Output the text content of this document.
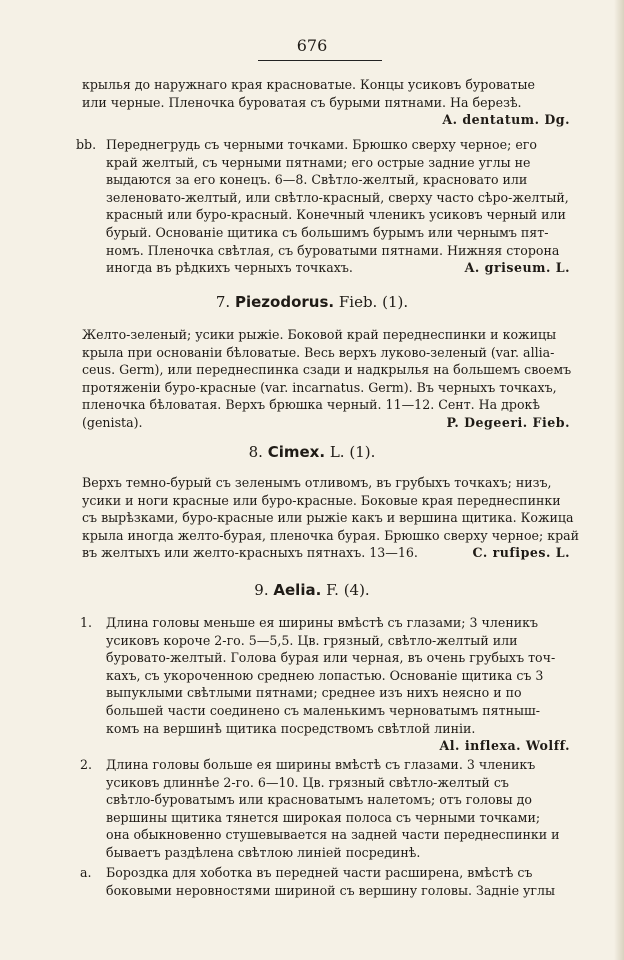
676
крылья до наружнаго края красноватые. Концы усиковъ буроватые
или черные. Пленочка буроватая съ бурыми пятнами. На березѣ.
A. dentatum. Dg.
bb. Переднегрудь съ черными точками. Брюшко сверху черное; его
край желтый, съ черными пятнами; его острые задние углы не
выдаются за его конецъ. 6—8. Свѣтло-желтый, красновато или
зеленовато-желтый, или свѣтло-красный, сверху часто сѣро-желтый,
красный или буро-красный. Конечный членикъ усиковъ черный или
бурый. Основаніе щитика съ большимъ бурымъ или чернымъ пят-
номъ. Пленочка свѣтлая, съ буроватыми пятнами. Нижняя сторона
иногда въ рѣдкихъ черныхъ точкахъ.	A. griseum. L.
7. Piezodorus. Fieb. (1).
Желто-зеленый; усики рыжіе. Боковой край переднеспинки и кожицы
крыла при основаніи бѣловатые. Весь верхъ луково-зеленый (var. allia-
ceus. Germ), или переднеспинка сзади и надкрылья на большемъ своемъ
протяженіи буро-красные (var. incarnatus. Germ). Въ черныхъ точкахъ,
пленочка бѣловатая. Верхъ брюшка черный. 11—12. Сент. На дрокѣ
(genista).	P. Degeeri. Fieb.
8. Cimex. L. (1).
Верхъ темно-бурый съ зеленымъ отливомъ, въ грубыхъ точкахъ; низъ,
усики и ноги красные или буро-красные. Боковые края переднеспинки
съ вырѣзками, буро-красные или рыжіе какъ и вершина щитика. Кожица
крыла иногда желто-бурая, пленочка бурая. Брюшко сверху черное; край
въ желтыхъ или желто-красныхъ пятнахъ. 13—16.	C. rufipes. L.
9. Aelia. F. (4).
1. Длина головы меньше ея ширины вмѣстѣ съ глазами; 3 членикъ
усиковъ короче 2-го. 5—5,5. Цв. грязный, свѣтло-желтый или
буровато-желтый. Голова бурая или черная, въ очень грубыхъ точ-
кахъ, съ укороченною среднею лопастью. Основаніе щитика съ 3
выпуклыми свѣтлыми пятнами; среднее изъ нихъ неясно и по
большей части соединено съ маленькимъ черноватымъ пятныш-
комъ на вершинѣ щитика посредствомъ свѣтлой линіи.
Al. inflexa. Wolff.
2. Длина головы больше ея ширины вмѣстѣ съ глазами. 3 членикъ
усиковъ длиннѣе 2-го. 6—10. Цв. грязный свѣтло-желтый съ
свѣтло-буроватымъ или красноватымъ налетомъ; отъ головы до
вершины щитика тянется широкая полоса съ черными точками;
она обыкновенно стушевывается на задней части переднеспинки и
бываетъ раздѣлена свѣтлою линіей посрединѣ.
a. Бороздка для хоботка въ передней части расширена, вмѣстѣ съ
боковыми неровностями шириной съ вершину головы. Задніе углы
